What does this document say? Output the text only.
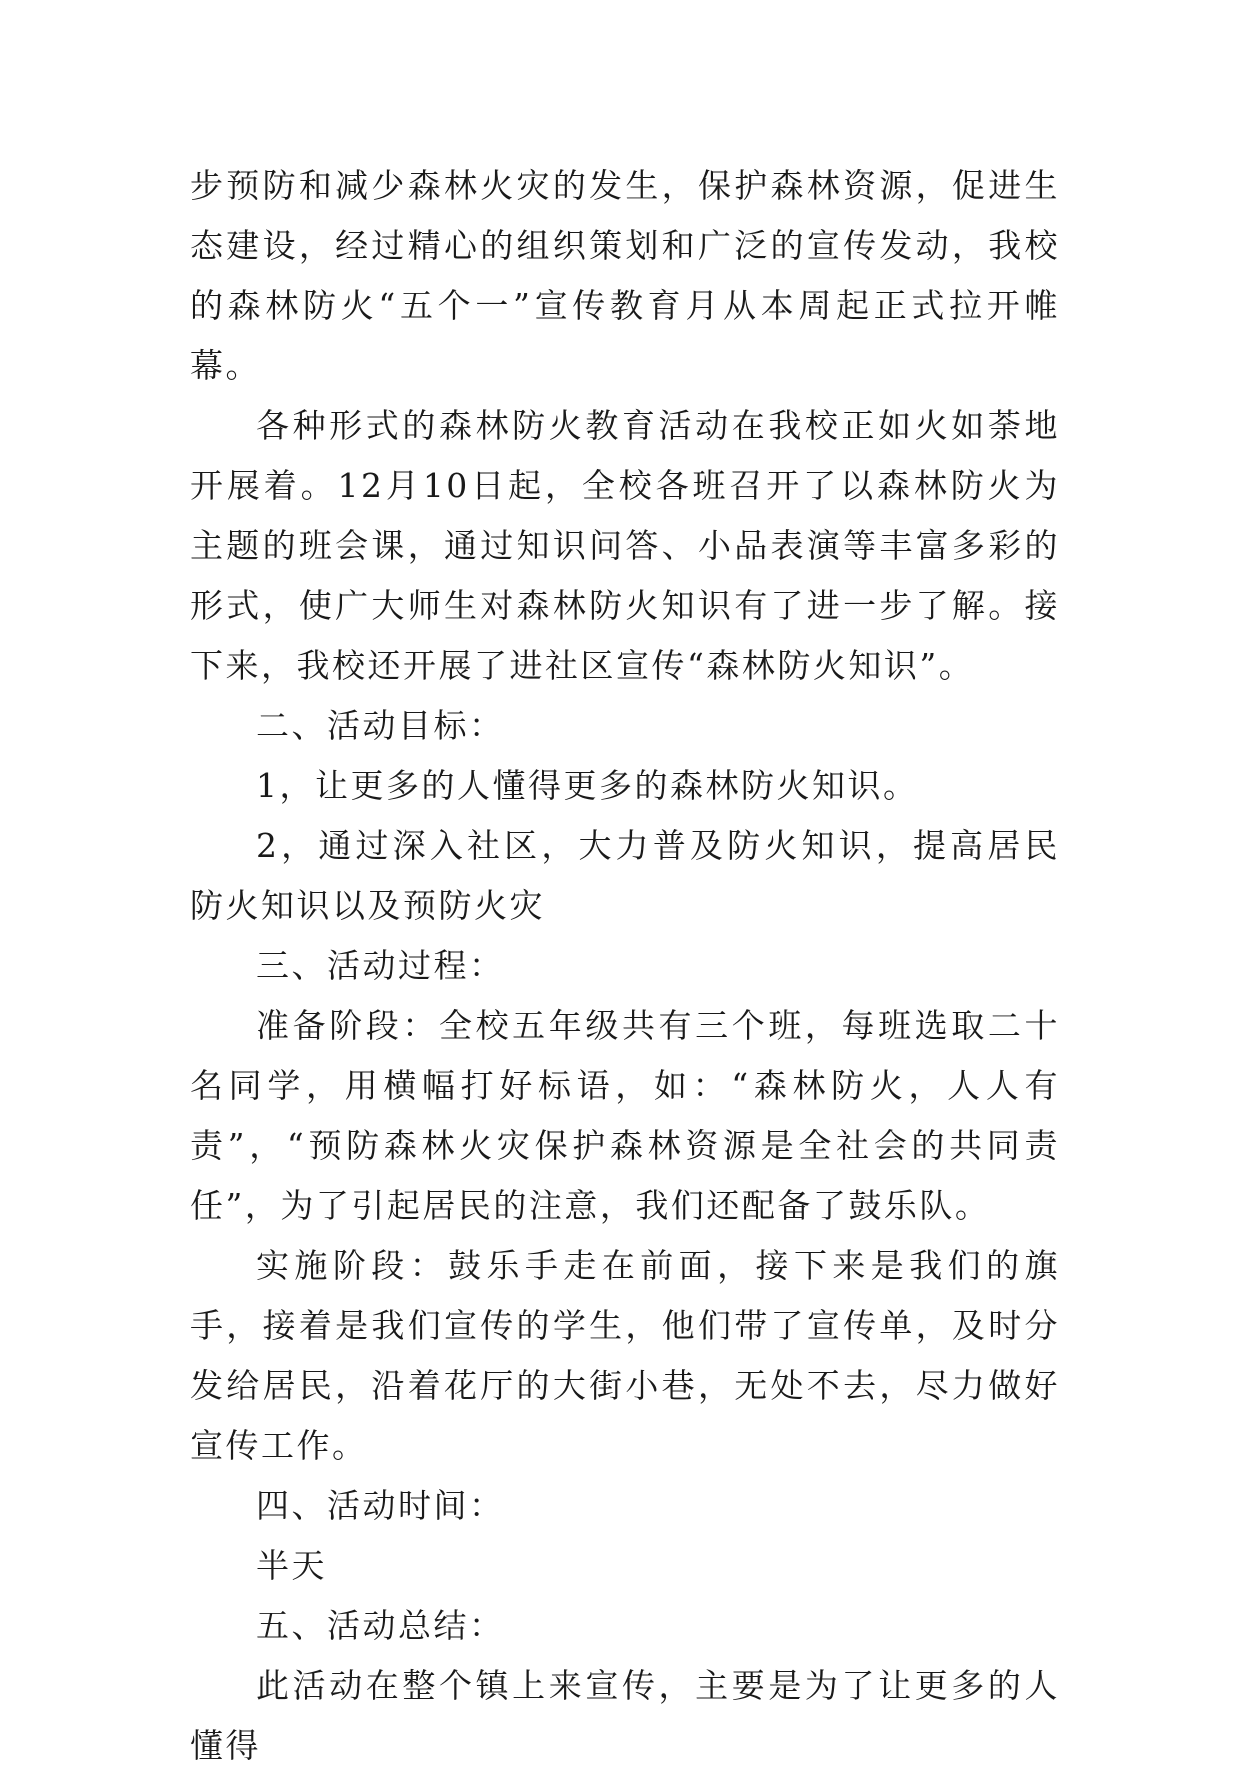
步预防和减少森林火灾的发生，保护森林资源，促进生态建设，经过精心的组织策划和广泛的宣传发动，我校的森林防火“五个一”宣传教育月从本周起正式拉开帷幕。

各种形式的森林防火教育活动在我校正如火如荼地开展着。12月10日起，全校各班召开了以森林防火为主题的班会课，通过知识问答、小品表演等丰富多彩的形式，使广大师生对森林防火知识有了进一步了解。接下来，我校还开展了进社区宣传“森林防火知识”。

二、活动目标：

1，让更多的人懂得更多的森林防火知识。

2，通过深入社区，大力普及防火知识，提高居民防火知识以及预防火灾

三、活动过程：

准备阶段：全校五年级共有三个班，每班选取二十名同学，用横幅打好标语，如：“森林防火，人人有责”，“预防森林火灾保护森林资源是全社会的共同责任”，为了引起居民的注意，我们还配备了鼓乐队。

实施阶段：鼓乐手走在前面，接下来是我们的旗手，接着是我们宣传的学生，他们带了宣传单，及时分发给居民，沿着花厅的大街小巷，无处不去，尽力做好宣传工作。

四、活动时间：

半天

五、活动总结：

此活动在整个镇上来宣传，主要是为了让更多的人懂得
